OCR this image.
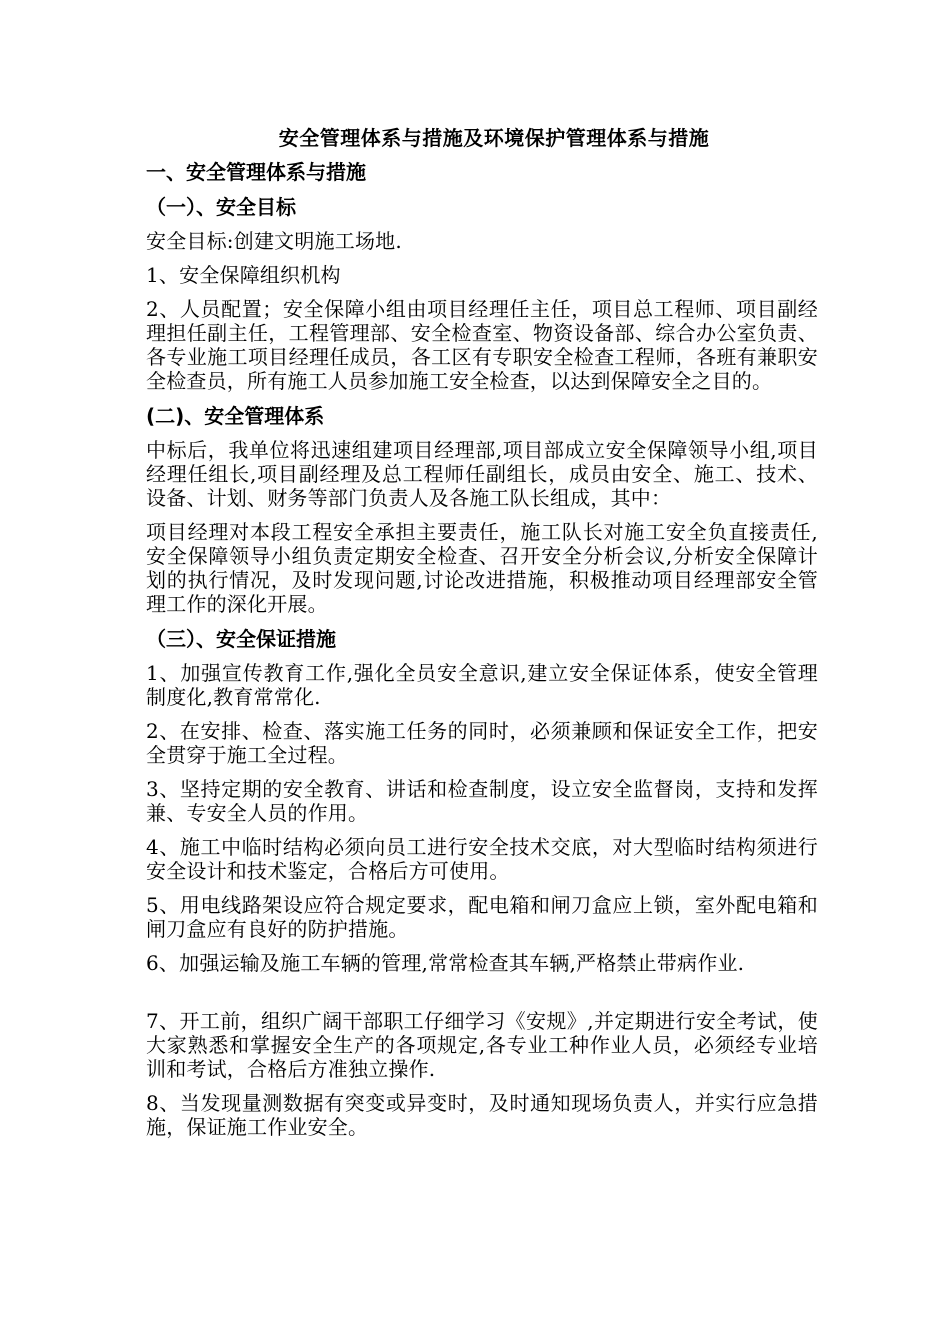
安全管理体系与措施及环境保护管理体系与措施
一、安全管理体系与措施
（一）、安全目标
安全目标:创建文明施工场地.
1、安全保障组织机构
2、人员配置；安全保障小组由项目经理任主任，项目总工程师、项目副经理担任副主任，工程管理部、安全检查室、物资设备部、综合办公室负责、各专业施工项目经理任成员，各工区有专职安全检查工程师，各班有兼职安全检查员，所有施工人员参加施工安全检查，以达到保障安全之目的。
(二)、安全管理体系
中标后，我单位将迅速组建项目经理部,项目部成立安全保障领导小组,项目经理任组长,项目副经理及总工程师任副组长，成员由安全、施工、技术、设备、计划、财务等部门负责人及各施工队长组成，其中：
项目经理对本段工程安全承担主要责任，施工队长对施工安全负直接责任,安全保障领导小组负责定期安全检查、召开安全分析会议,分析安全保障计划的执行情况，及时发现问题,讨论改进措施，积极推动项目经理部安全管理工作的深化开展。
（三）、安全保证措施
1、加强宣传教育工作,强化全员安全意识,建立安全保证体系，使安全管理制度化,教育常常化.
2、在安排、检查、落实施工任务的同时，必须兼顾和保证安全工作，把安全贯穿于施工全过程。
3、坚持定期的安全教育、讲话和检查制度，设立安全监督岗，支持和发挥兼、专安全人员的作用。
4、施工中临时结构必须向员工进行安全技术交底，对大型临时结构须进行安全设计和技术鉴定，合格后方可使用。
5、用电线路架设应符合规定要求，配电箱和闸刀盒应上锁，室外配电箱和闸刀盒应有良好的防护措施。
6、加强运输及施工车辆的管理,常常检查其车辆,严格禁止带病作业.
7、开工前，组织广阔干部职工仔细学习《安规》,并定期进行安全考试，使大家熟悉和掌握安全生产的各项规定,各专业工种作业人员，必须经专业培训和考试，合格后方准独立操作.
8、当发现量测数据有突变或异变时，及时通知现场负责人，并实行应急措施，保证施工作业安全。
